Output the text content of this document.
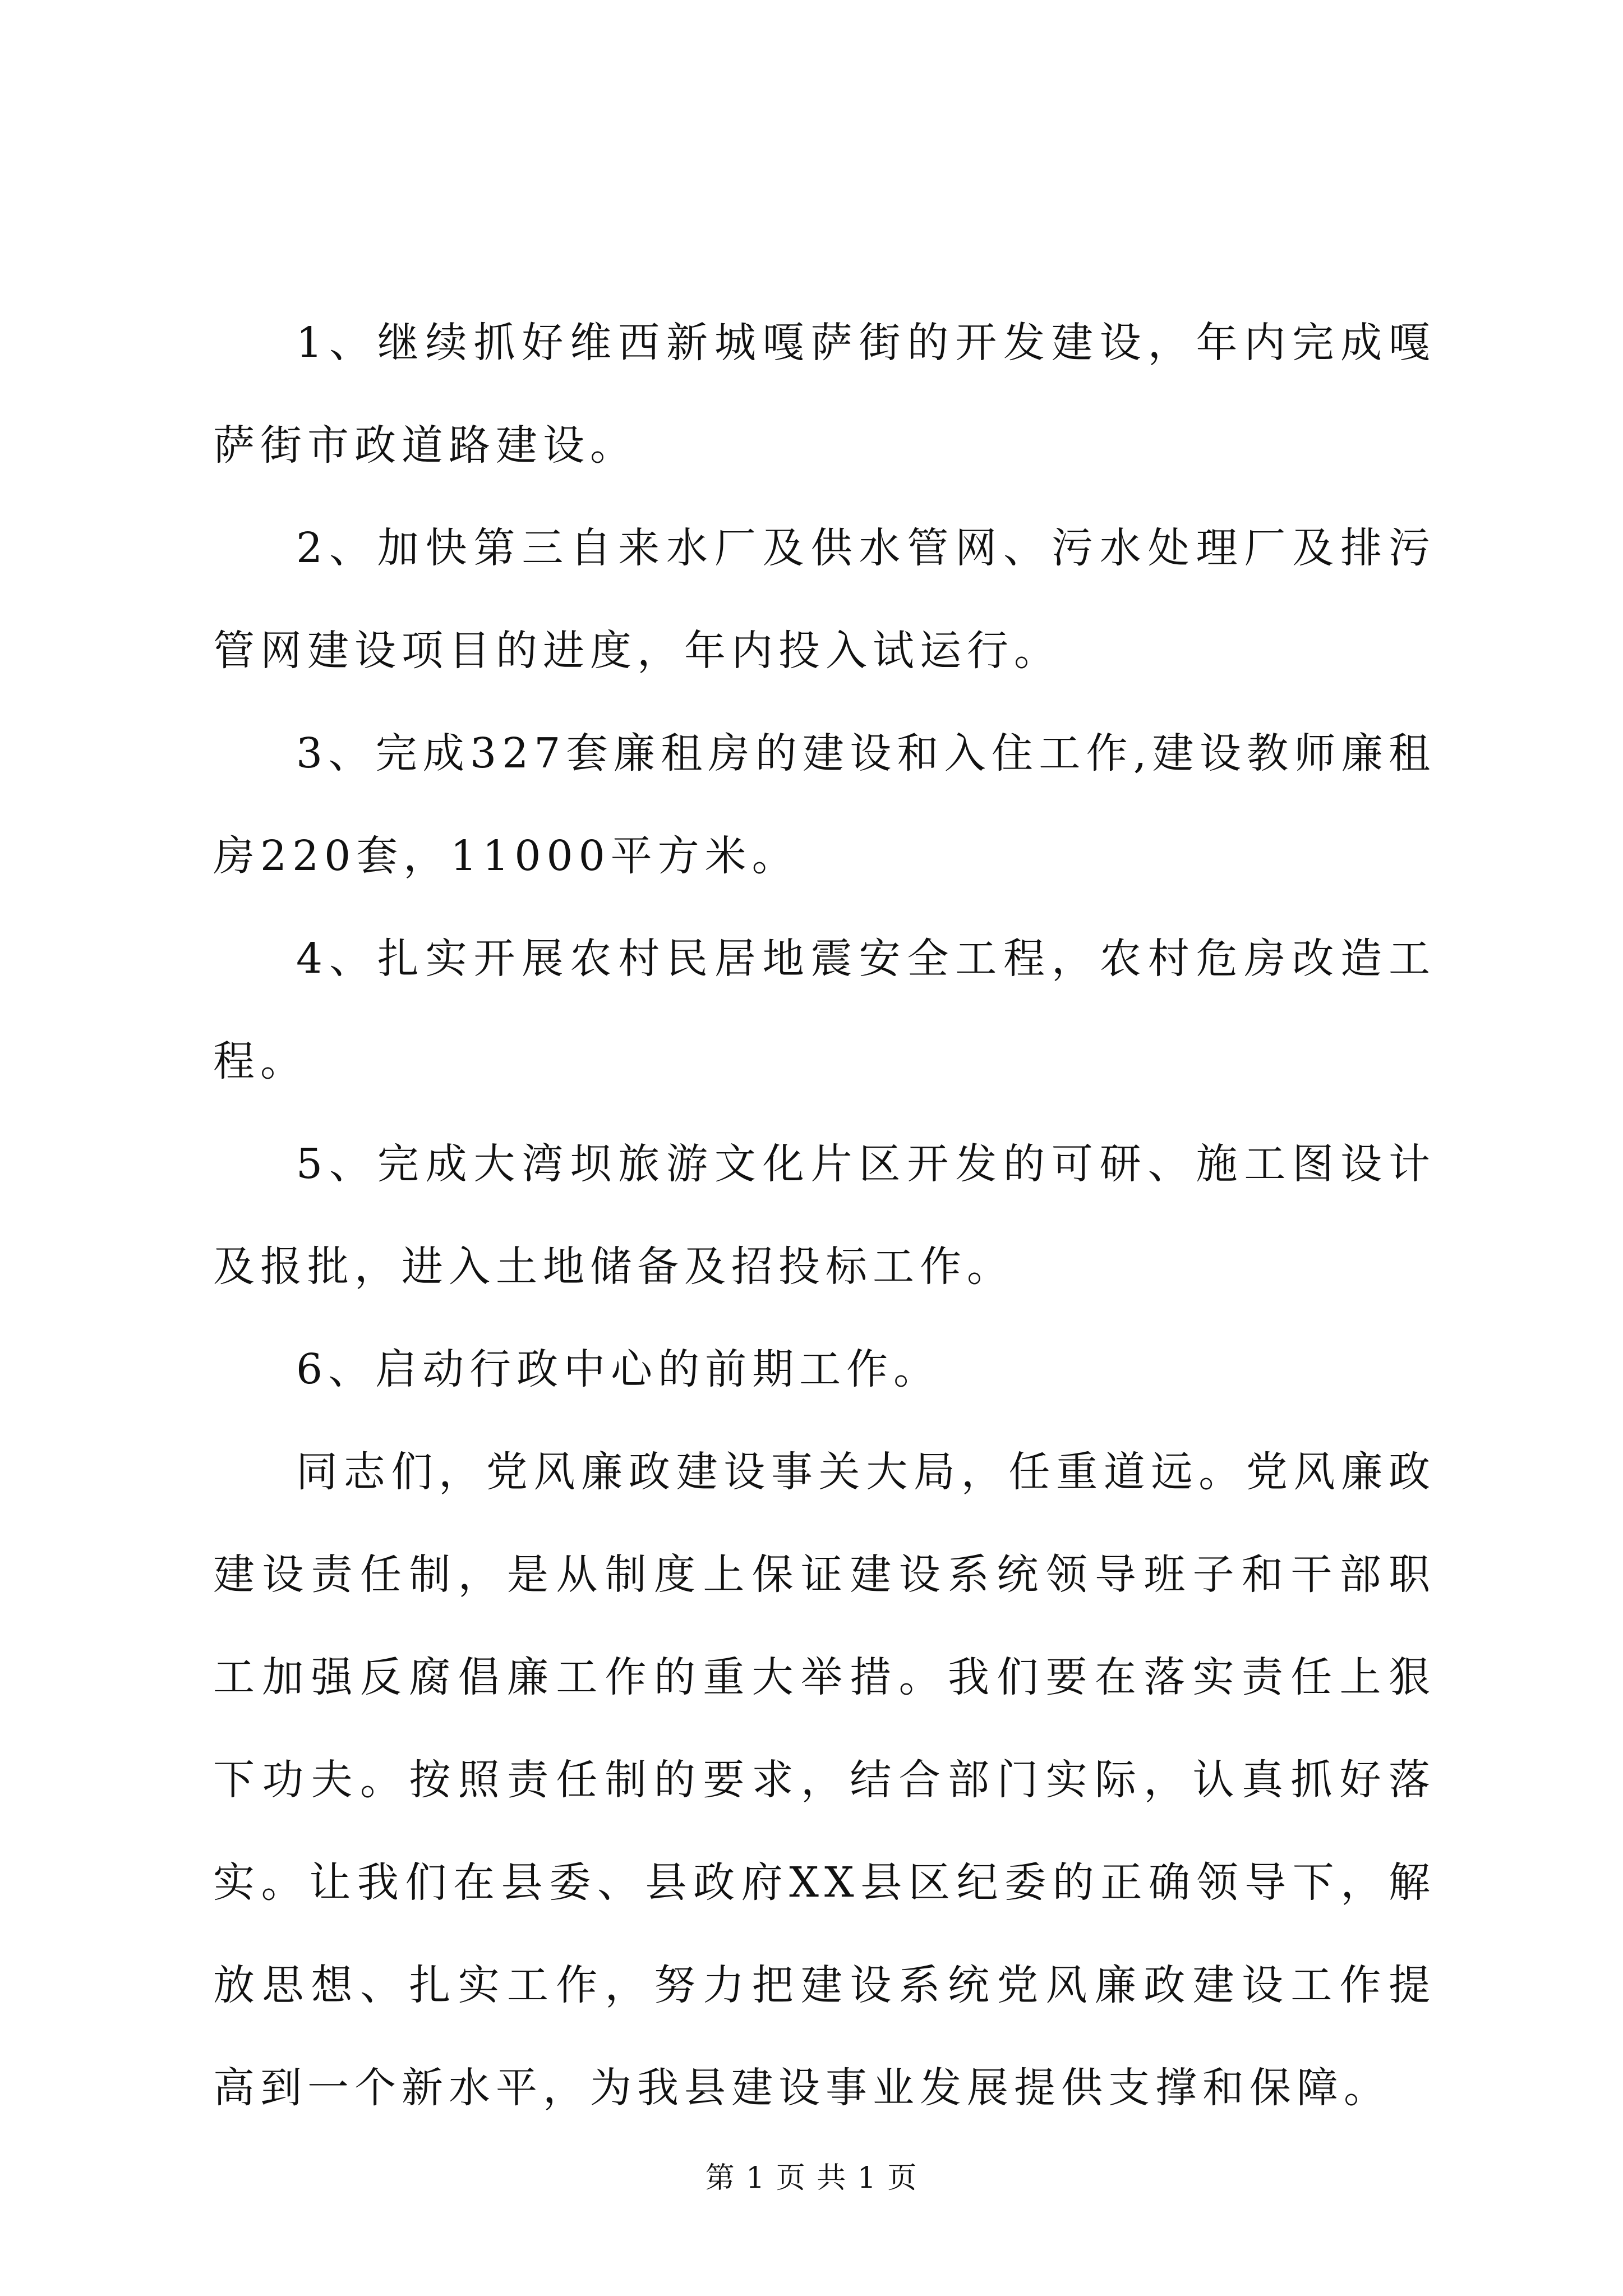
1、继续抓好维西新城嘎萨街的开发建设，年内完成嘎萨街市政道路建设。

2、加快第三自来水厂及供水管网、污水处理厂及排污管网建设项目的进度，年内投入试运行。

3、完成327套廉租房的建设和入住工作,建设教师廉租房220套，11000平方米。

4、扎实开展农村民居地震安全工程，农村危房改造工程。

5、完成大湾坝旅游文化片区开发的可研、施工图设计及报批，进入土地储备及招投标工作。

6、启动行政中心的前期工作。

同志们，党风廉政建设事关大局，任重道远。党风廉政建设责任制，是从制度上保证建设系统领导班子和干部职工加强反腐倡廉工作的重大举措。我们要在落实责任上狠下功夫。按照责任制的要求，结合部门实际，认真抓好落实。让我们在县委、县政府XX县区纪委的正确领导下，解放思想、扎实工作，努力把建设系统党风廉政建设工作提高到一个新水平，为我县建设事业发展提供支撑和保障。

第 1 页 共 1 页
